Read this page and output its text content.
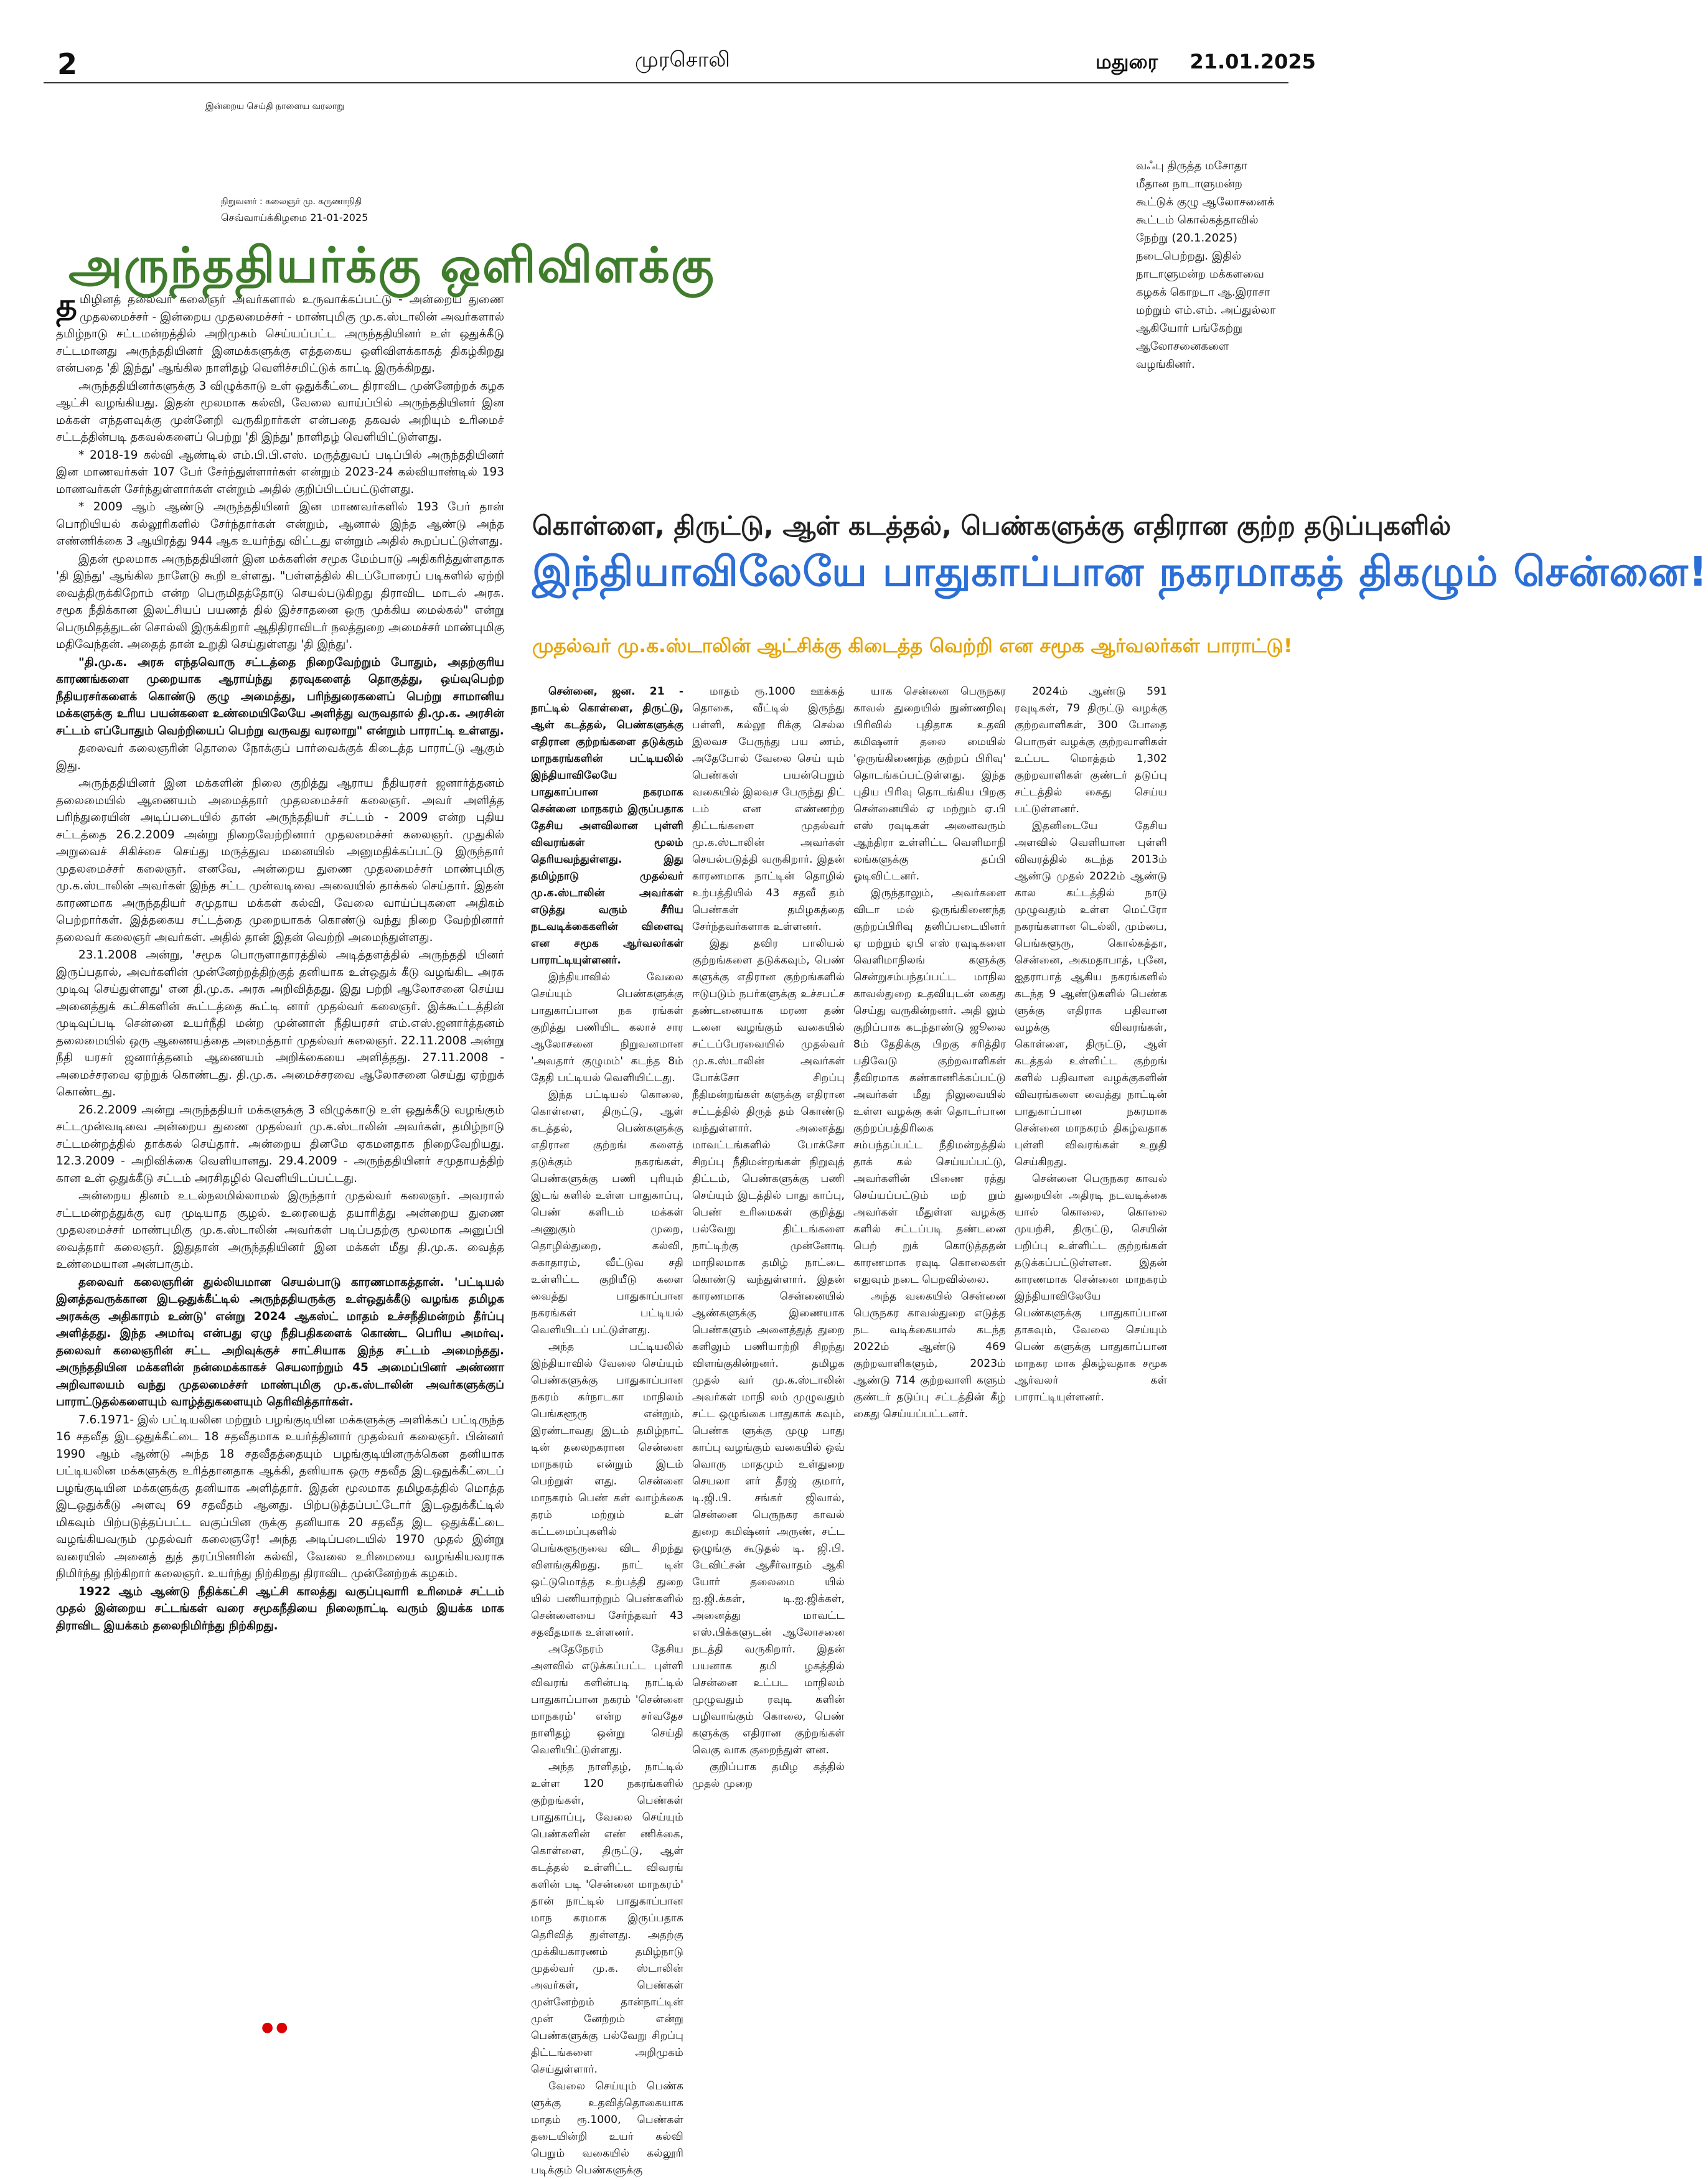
2	முரசொலி	மதுரை 21.01.2025
இன்றைய செய்தி நாளைய வரலாறு
நிறுவனர் : கலைஞர் மு. கருணாநிதி
செவ்வாய்க்கிழமை 21-01-2025
அருந்ததியர்க்கு ஒளிவிளக்கு

தமிழினத் தலைவர் கலைஞர் அவர்களால் உருவாக்கப்பட்டு - அன்றைய துணை முதலமைச்சர் - இன்றைய முதலமைச்சர் - மாண்புமிகு மு.க.ஸ்டாலின் அவர்களால் தமிழ்நாடு சட்டமன்றத்தில் அறிமுகம் செய்யப்பட்ட அருந்ததியினர் உள் ஒதுக்கீடு சட்டமானது அருந்ததியினர் இனமக்களுக்கு எத்தகைய ஒளிவிளக்காகத் திகழ்கிறது என்பதை 'தி இந்து' ஆங்கில நாளிதழ் வெளிச்சமிட்டுக் காட்டி இருக்கிறது.

அருந்ததியினர்களுக்கு 3 விழுக்காடு உள் ஒதுக்கீட்டை திராவிட முன்னேற்றக் கழக ஆட்சி வழங்கியது. இதன் மூலமாக கல்வி, வேலை வாய்ப்பில் அருந்ததியினர் இன மக்கள் எந்தளவுக்கு முன்னேறி வருகிறார்கள் என்பதை தகவல் அறியும் உரிமைச் சட்டத்தின்படி தகவல்களைப் பெற்று 'தி இந்து' நாளிதழ் வெளியிட்டுள்ளது.

* 2018-19 கல்வி ஆண்டில் எம்.பி.பி.எஸ். மருத்துவப் படிப்பில் அருந்ததியினர் இன மாணவர்கள் 107 பேர் சேர்ந்துள்ளார்கள் என்றும் 2023-24 கல்வியாண்டில் 193 மாணவர்கள் சேர்ந்துள்ளார்கள் என்றும் அதில் குறிப்பிடப்பட்டுள்ளது.

* 2009 ஆம் ஆண்டு அருந்ததியினர் இன மாணவர்களில் 193 பேர் தான் பொறியியல் கல்லூரிகளில் சேர்ந்தார்கள் என்றும், ஆனால் இந்த ஆண்டு அந்த எண்ணிக்கை 3 ஆயிரத்து 944 ஆக உயர்ந்து விட்டது என்றும் அதில் கூறப்பட்டுள்ளது.

இதன் மூலமாக அருந்ததியினர் இன மக்களின் சமூக மேம்பாடு அதிகரித்துள்ளதாக 'தி இந்து' ஆங்கில நாளேடு கூறி உள்ளது. "பள்ளத்தில் கிடப்போரைப் படிகளில் ஏற்றி வைத்திருக்கிறோம் என்ற பெருமிதத்தோடு செயல்படுகிறது திராவிட மாடல் அரசு. சமூக நீதிக்கான இலட்சியப் பயணத் தில் இச்சாதனை ஒரு முக்கிய மைல்கல்" என்று பெருமிதத்துடன் சொல்லி இருக்கிறார் ஆதிதிராவிடர் நலத்துறை அமைச்சர் மாண்புமிகு மதிவேந்தன். அதைத் தான் உறுதி செய்துள்ளது 'தி இந்து'.

"தி.மு.க. அரசு எந்தவொரு சட்டத்தை நிறைவேற்றும் போதும், அதற்குரிய காரணங்களை முறையாக ஆராய்ந்து தரவுகளைத் தொகுத்து, ஒய்வுபெற்ற நீதியரசர்களைக் கொண்டு குழு அமைத்து, பரிந்துரைகளைப் பெற்று சாமானிய மக்களுக்கு உரிய பயன்களை உண்மையிலேயே அளித்து வருவதால் தி.மு.க. அரசின் சட்டம் எப்போதும் வெற்றியைப் பெற்று வருவது வரலாறு" என்றும் பாராட்டி உள்ளது.

தலைவர் கலைஞரின் தொலை நோக்குப் பார்வைக்குக் கிடைத்த பாராட்டு ஆகும் இது.

அருந்ததியினர் இன மக்களின் நிலை குறித்து ஆராய நீதியரசர் ஜனார்த்தனம் தலைமையில் ஆணையம் அமைத்தார் முதலமைச்சர் கலைஞர். அவர் அளித்த பரிந்துரையின் அடிப்படையில் தான் அருந்ததியர் சட்டம் - 2009 என்ற புதிய சட்டத்தை 26.2.2009 அன்று நிறைவேற்றினார் முதலமைச்சர் கலைஞர். முதுகில் அறுவைச் சிகிச்சை செய்து மருத்துவ மனையில் அனுமதிக்கப்பட்டு இருந்தார் முதலமைச்சர் கலைஞர். எனவே, அன்றைய துணை முதலமைச்சர் மாண்புமிகு மு.க.ஸ்டாலின் அவர்கள் இந்த சட்ட முன்வடிவை அவையில் தாக்கல் செய்தார். இதன் காரணமாக அருந்ததியர் சமுதாய மக்கள் கல்வி, வேலை வாய்ப்புகளை அதிகம் பெற்றார்கள். இத்தகைய சட்டத்தை முறையாகக் கொண்டு வந்து நிறை வேற்றினார் தலைவர் கலைஞர் அவர்கள். அதில் தான் இதன் வெற்றி அமைந்துள்ளது.

23.1.2008 அன்று, 'சமூக பொருளாதாரத்தில் அடித்தளத்தில் அருந்ததி யினர் இருப்பதால், அவர்களின் முன்னேற்றத்திற்குத் தனியாக உள்ஒதுக் கீடு வழங்கிட அரசு முடிவு செய்துள்ளது' என தி.மு.க. அரசு அறிவித்தது. இது பற்றி ஆலோசனை செய்ய அனைத்துக் கட்சிகளின் கூட்டத்தை கூட்டி னார் முதல்வர் கலைஞர். இக்கூட்டத்தின் முடிவுப்படி சென்னை உயர்நீதி மன்ற முன்னாள் நீதியரசர் எம்.எஸ்.ஜனார்த்தனம் தலைமையில் ஒரு ஆணையத்தை அமைத்தார் முதல்வர் கலைஞர். 22.11.2008 அன்று நீதி யரசர் ஜனார்த்தனம் ஆணையம் அறிக்கையை அளித்தது. 27.11.2008 - அமைச்சரவை ஏற்றுக் கொண்டது. தி.மு.க. அமைச்சரவை ஆலோசனை செய்து ஏற்றுக் கொண்டது.

26.2.2009 அன்று அருந்ததியர் மக்களுக்கு 3 விழுக்காடு உள் ஒதுக்கீடு வழங்கும் சட்டமுன்வடிவை அன்றைய துணை முதல்வர் மு.க.ஸ்டாலின் அவர்கள், தமிழ்நாடு சட்டமன்றத்தில் தாக்கல் செய்தார். அன்றைய தினமே ஏகமனதாக நிறைவேறியது. 12.3.2009 - அறிவிக்கை வெளியானது. 29.4.2009 - அருந்ததியினர் சமுதாயத்திற் கான உள் ஒதுக்கீடு சட்டம் அரசிதழில் வெளியிடப்பட்டது.

அன்றைய தினம் உடல்நலமில்லாமல் இருந்தார் முதல்வர் கலைஞர். அவரால் சட்டமன்றத்துக்கு வர முடியாத சூழல். உரையைத் தயாரித்து அன்றைய துணை முதலமைச்சர் மாண்புமிகு மு.க.ஸ்டாலின் அவர்கள் படிப்பதற்கு மூலமாக அனுப்பி வைத்தார் கலைஞர். இதுதான் அருந்ததியினர் இன மக்கள் மீது தி.மு.க. வைத்த உண்மையான அன்பாகும்.

தலைவர் கலைஞரின் துல்லியமான செயல்பாடு காரணமாகத்தான். 'பட்டியல் இனத்தவருக்கான இடஒதுக்கீட்டில் அருந்ததியருக்கு உள்ஒதுக்கீடு வழங்க தமிழக அரசுக்கு அதிகாரம் உண்டு' என்று 2024 ஆகஸ்ட் மாதம் உச்சநீதிமன்றம் தீர்ப்பு அளித்தது. இந்த அமர்வு என்பது ஏழு நீதிபதிகளைக் கொண்ட பெரிய அமர்வு. தலைவர் கலைஞரின் சட்ட அறிவுக்குச் சாட்சியாக இந்த சட்டம் அமைந்தது. அருந்ததியின மக்களின் நன்மைக்காகச் செயலாற்றும் 45 அமைப்பினர் அண்ணா அறிவாலயம் வந்து முதலமைச்சர் மாண்புமிகு மு.க.ஸ்டாலின் அவர்களுக்குப் பாராட்டுதல்களையும் வாழ்த்துகளையும் தெரிவித்தார்கள்.

7.6.1971- இல் பட்டியலின மற்றும் பழங்குடியின மக்களுக்கு அளிக்கப் பட்டிருந்த 16 சதவீத இடஒதுக்கீட்டை 18 சதவீதமாக உயர்த்தினார் முதல்வர் கலைஞர். பின்னர் 1990 ஆம் ஆண்டு அந்த 18 சதவீதத்தையும் பழங்குடியினருக்கென தனியாக பட்டியலின மக்களுக்கு உரித்தானதாக ஆக்கி, தனியாக ஒரு சதவீத இடஒதுக்கீட்டைப் பழங்குடியின மக்களுக்கு தனியாக அளித்தார். இதன் மூலமாக தமிழகத்தில் மொத்த இடஒதுக்கீடு அளவு 69 சதவீதம் ஆனது. பிற்படுத்தப்பட்டோர் இடஒதுக்கீட்டில் மிகவும் பிற்படுத்தப்பட்ட வகுப்பின ருக்கு தனியாக 20 சதவீத இட ஒதுக்கீட்டை வழங்கியவரும் முதல்வர் கலைஞரே! அந்த அடிப்படையில் 1970 முதல் இன்று வரையில் அனைத் துத் தரப்பினரின் கல்வி, வேலை உரிமையை வழங்கியவராக நிமிர்ந்து நிற்கிறார் கலைஞர். உயர்ந்து நிற்கிறது திராவிட முன்னேற்றக் கழகம்.

1922 ஆம் ஆண்டு நீதிக்கட்சி ஆட்சி காலத்து வகுப்புவாரி உரிமைச் சட்டம் முதல் இன்றைய சட்டங்கள் வரை சமூகநீதியை நிலைநாட்டி வரும் இயக்க மாக திராவிட இயக்கம் தலைநிமிர்ந்து நிற்கிறது.

●●
வஃபு திருத்த மசோதா மீதான நாடாளுமன்ற கூட்டுக் குழு ஆலோசனைக் கூட்டம் கொல்கத்தாவில் நேற்று (20.1.2025) நடைபெற்றது. இதில் நாடாளுமன்ற மக்களவை கழகக் கொறடா ஆ.இராசா மற்றும் எம்.எம். அப்துல்லா ஆகியோர் பங்கேற்று ஆலோசனைகளை வழங்கினர்.
கொள்ளை, திருட்டு, ஆள் கடத்தல், பெண்களுக்கு எதிரான குற்ற தடுப்புகளில்
இந்தியாவிலேயே பாதுகாப்பான நகரமாகத் திகழும் சென்னை!
முதல்வர் மு.க.ஸ்டாலின் ஆட்சிக்கு கிடைத்த வெற்றி என சமூக ஆர்வலர்கள் பாராட்டு!

சென்னை, ஜன. 21 - நாட்டில் கொள்ளை, திருட்டு, ஆள் கடத்தல், பெண்களுக்கு எதிரான குற்றங்களை தடுக்கும் மாநகரங்களின் பட்டியலில் இந்தியாவிலேயே பாதுகாப்பான நகரமாக சென்னை மாநகரம் இருப்பதாக தேசிய அளவிலான புள்ளி விவரங்கள் மூலம் தெரியவந்துள்ளது. இது தமிழ்நாடு முதல்வர் மு.க.ஸ்டாலின் அவர்கள் எடுத்து வரும் சீரிய நடவடிக்கைகளின் விளைவு என சமூக ஆர்வலர்கள் பாராட்டியுள்ளனர்.

இந்தியாவில் வேலை செய்யும் பெண்களுக்கு பாதுகாப்பான நக ரங்கள் குறித்து பணியிட கலாச் சார ஆலோசனை நிறுவனமான 'அவதார் குழுமம்' கடந்த 8ம் தேதி பட்டியல் வெளியிட்டது.

இந்த பட்டியல் கொலை, கொள்ளை, திருட்டு, ஆள் கடத்தல், பெண்களுக்கு எதிரான குற்றங் களைத் தடுக்கும் நகரங்கள், பெண்களுக்கு பணி புரியும் இடங் களில் உள்ள பாதுகாப்பு, பெண் களிடம் மக்கள் அணுகும் முறை, தொழில்துறை, கல்வி, சுகாதாரம், வீட்டுவ சதி உள்ளிட்ட குறியீடு களை வைத்து பாதுகாப்பான நகரங்கள் பட்டியல் வெளியிடப் பட்டுள்ளது.

அந்த பட்டியலில் இந்தியாவில் வேலை செய்யும் பெண்களுக்கு பாதுகாப்பான நகரம் கர்நாடகா மாநிலம் பெங்களூரு என்றும், இரண்டாவது இடம் தமிழ்நாட் டின் தலைநகரான சென்னை மாநகரம் என்றும் இடம் பெற்றுள் ளது. சென்னை மாநகரம் பெண் கள் வாழ்க்கை தரம் மற்றும் உள் கட்டமைப்புகளில் பெங்களூருவை விட சிறந்து விளங்குகிறது. நாட் டின் ஒட்டுமொத்த உற்பத்தி துறை யில் பணியாற்றும் பெண்களில் சென்னையை சேர்ந்தவர் 43 சதவீதமாக உள்ளனர்.

அதேநேரம் தேசிய அளவில் எடுக்கப்பட்ட புள்ளி விவரங் களின்படி நாட்டில் பாதுகாப்பான நகரம் 'சென்னை மாநகரம்' என்ற சர்வதேச நாளிதழ் ஒன்று செய்தி வெளியிட்டுள்ளது.

அந்த நாளிதழ், நாட்டில் உள்ள 120 நகரங்களில் குற்றங்கள், பெண்கள் பாதுகாப்பு, வேலை செய்யும் பெண்களின் எண் ணிக்கை, கொள்ளை, திருட்டு, ஆள் கடத்தல் உள்ளிட்ட விவரங் களின் படி 'சென்னை மாநகரம்' தான் நாட்டில் பாதுகாப்பான மாந கரமாக இருப்பதாக தெரிவித் துள்ளது. அதற்கு முக்கியகாரணம் தமிழ்நாடு முதல்வர் மு.க. ஸ்டாலின் அவர்கள், பெண்கள் முன்னேற்றம் தான்நாட்டின் முன் னேற்றம் என்று பெண்களுக்கு பல்வேறு சிறப்பு திட்டங்களை அறிமுகம் செய்துள்ளார்.

வேலை செய்யும் பெண்க ளுக்கு உதவித்தொகையாக மாதம் ரூ.1000, பெண்கள் தடையின்றி உயர் கல்வி பெறும் வகையில் கல்லூரி படிக்கும் பெண்களுக்கு

மாதம் ரூ.1000 ஊக்கத் தொகை, வீட்டில் இருந்து பள்ளி, கல்லூ ரிக்கு செல்ல இலவச பேருந்து பய ணம், அதேபோல் வேலை செய் யும் பெண்கள் பயன்பெறும் வகையில் இலவச பேருந்து திட் டம் என எண்ணற்ற திட்டங்களை முதல்வர் மு.க.ஸ்டாலின் அவர்கள் செயல்படுத்தி வருகிறார். இதன் காரணமாக நாட்டின் தொழில் உற்பத்தியில் 43 சதவீ தம் பெண்கள் தமிழகத்தை சேர்ந்தவர்களாக உள்ளனர்.

இது தவிர பாலியல் குற்றங்களை தடுக்கவும், பெண் களுக்கு எதிரான குற்றங்களில் ஈடுபடும் நபர்களுக்கு உச்சபட்ச தண்டனையாக மரண தண் டனை வழங்கும் வகையில் சட்டப்பேரவையில் முதல்வர் மு.க.ஸ்டாலின் அவர்கள் போக்சோ சிறப்பு நீதிமன்றங்கள் களுக்கு எதிரான சட்டத்தில் திருத் தம் கொண்டு வந்துள்ளார். அனைத்து மாவட்டங்களில் போக்சோ சிறப்பு நீதிமன்றங்கள் நிறுவுத் திட்டம், பெண்களுக்கு பணி செய்யும் இடத்தில் பாது காப்பு, பெண் உரிமைகள் குறித்து பல்வேறு திட்டங்களை நாட்டிற்கு முன்னோடி மாநிலமாக தமிழ் நாட்டை கொண்டு வந்துள்ளார். இதன் காரணமாக சென்னையில் ஆண்களுக்கு இணையாக பெண்களும் அனைத்துத் துறை களிலும் பணியாற்றி சிறந்து விளங்குகின்றனர். தமிழக முதல் வர் மு.க.ஸ்டாலின் அவர்கள் மாநி லம் முழுவதும் சட்ட ஒழுங்கை பாதுகாக் கவும், பெண்க ளுக்கு முழு பாது காப்பு வழங்கும் வகையில் ஒவ் வொரு மாதமும் உள்துறை செயலா ளர் தீரஜ் குமார், டி.ஜி.பி. சங்கர் ஜிவால், சென்னை பெருநகர காவல் துறை கமிஷ்னர் அருண், சட்ட ஒழுங்கு கூடுதல் டி. ஜி.பி. டேவிட்சன் ஆசீர்வாதம் ஆகி யோர் தலைமை யில் ஐ.ஜி.க்கள், டி.ஐ.ஜிக்கள், அனைத்து மாவட்ட எஸ்.பிக்களுடன் ஆலோசனை நடத்தி வருகிறார். இதன் பயனாக தமி ழகத்தில் சென்னை உட்பட மாநிலம் முழுவதும் ரவுடி களின் பழிவாங்கும் கொலை, பெண் களுக்கு எதிரான குற்றங்கள் வெகு வாக குறைந்துள் ளன.

குறிப்பாக தமிழ கத்தில் முதல் முறை

யாக சென்னை பெருநகர காவல் துறையில் நுண்ணறிவு பிரிவில் புதிதாக உதவி கமிஷனர் தலை மையில் 'ஒருங்கிணைந்த குற்றப் பிரிவு' தொடங்கப்பட்டுள்ளது. இந்த புதிய பிரிவு தொடங்கிய பிறகு சென்னையில் ஏ மற்றும் ஏ.பி எஸ் ரவுடிகள் அனைவரும் ஆந்திரா உள்ளிட்ட வெளிமாநி லங்களுக்கு தப்பி ஓடிவிட்டனர்.

இருந்தாலும், அவர்களை விடா மல் ஒருங்கிணைந்த குற்றப்பிரிவு தனிப்படையினர் ஏ மற்றும் ஏபி எஸ் ரவுடிகளை வெளிமாநிலங் களுக்கு சென்றுசம்பந்தப்பட்ட மாநில காவல்துறை உதவியுடன் கைது செய்து வருகின்றனர். அதி லும் குறிப்பாக கடந்தாண்டு ஜூலை 8ம் தேதிக்கு பிறகு சரித்திர பதிவேடு குற்றவாளிகள் தீவிரமாக கண்காணிக்கப்பட்டு அவர்கள் மீது நிலுவையில் உள்ள வழக்கு கள் தொடர்பான குற்றப்பத்திரிகை சம்பந்தப்பட்ட நீதிமன்றத்தில் தாக் கல் செய்யப்பட்டு, அவர்களின் பிணை ரத்து செய்யப்பட்டும் மற் றும் அவர்கள் மீதுள்ள வழக்கு களில் சட்டப்படி தண்டனை பெற் றுக் கொடுத்ததன் காரணமாக ரவுடி கொலைகள் எதுவும் நடை பெறவில்லை.

அந்த வகையில் சென்னை பெருநகர காவல்துறை எடுத்த நட வடிக்கையால் கடந்த 2022ம் ஆண்டு 469 குற்றவாளிகளும், 2023ம் ஆண்டு 714 குற்றவாளி களும் குண்டர் தடுப்பு சட்டத்தின் கீழ் கைது செய்யப்பட்டனர்.

2024ம் ஆண்டு 591 ரவுடிகள், 79 திருட்டு வழக்கு குற்றவாளிகள், 300 போதை பொருள் வழக்கு குற்றவாளிகள் உட்பட மொத்தம் 1,302 குற்றவாளிகள் குண்டர் தடுப்பு சட்டத்தில் கைது செய்ய பட்டுள்ளனர்.

இதனிடையே தேசிய அளவில் வெளியான புள்ளி விவரத்தில் கடந்த 2013ம் ஆண்டு முதல் 2022ம் ஆண்டு கால கட்டத்தில் நாடு முழுவதும் உள்ள மெட்ரோ நகரங்களான டெல்லி, மும்பை, பெங்களூரு, கொல்கத்தா, சென்னை, அகமதாபாத், புனே, ஐதராபாத் ஆகிய நகரங்களில் கடந்த 9 ஆண்டுகளில் பெண்க ளுக்கு எதிராக பதிவான வழக்கு விவரங்கள், கொள்ளை, திருட்டு, ஆள் கடத்தல் உள்ளிட்ட குற்றங் களில் பதிவான வழக்குகளின் விவரங்களை வைத்து நாட்டின் பாதுகாப்பான நகரமாக சென்னை மாநகரம் திகழ்வதாக புள்ளி விவரங்கள் உறுதி செய்கிறது.

சென்னை பெருநகர காவல் துறையின் அதிரடி நடவடிக்கை யால் கொலை, கொலை முயற்சி, திருட்டு, செயின் பறிப்பு உள்ளிட்ட குற்றங்கள் தடுக்கப்பட்டுள்ளன. இதன் காரணமாக சென்னை மாநகரம் இந்தியாவிலேயே பெண்களுக்கு பாதுகாப்பான தாகவும், வேலை செய்யும் பெண் களுக்கு பாதுகாப்பான மாநகர மாக திகழ்வதாக சமூக ஆர்வலர் கள் பாராட்டியுள்ளனர்.
